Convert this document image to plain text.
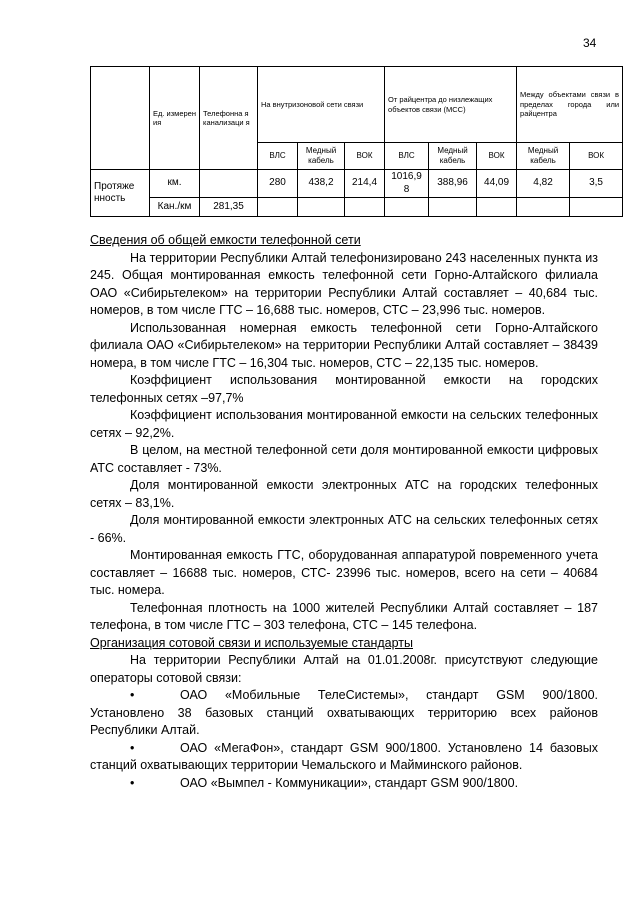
34
	Ед. измерен ия	Телефонна я канализаци я	На внутризоновой сети связи			От райцентра до низлежащих объектов связи (МСС)			Между объектами связи в пределах города или райцентра	
			ВЛС	Медный кабель	ВОК	ВЛС	Медный кабель	ВОК	Медный кабель	ВОК
Протяже нность	км.		280	438,2	214,4	1016,9 8	388,96	44,09	4,82	3,5
	Кан./км	281,35								

Сведения об общей емкости телефонной сети

На территории Республики Алтай телефонизировано 243 населенных пункта из 245. Общая монтированная емкость телефонной сети Горно-Алтайского филиала ОАО «Сибирьтелеком» на территории Республики Алтай составляет – 40,684 тыс. номеров, в том числе ГТС – 16,688 тыс. номеров, СТС – 23,996 тыс. номеров.

Использованная номерная емкость телефонной сети Горно-Алтайского филиала ОАО «Сибирьтелеком» на территории Республики Алтай составляет – 38439 номера, в том числе ГТС – 16,304 тыс. номеров, СТС – 22,135 тыс. номеров.

Коэффициент использования монтированной емкости на городских телефонных сетях –97,7%

Коэффициент использования монтированной емкости на сельских телефонных сетях – 92,2%.

В целом, на местной телефонной сети доля монтированной емкости цифровых АТС составляет - 73%.

Доля монтированной емкости электронных АТС на городских телефонных сетях – 83,1%.

Доля монтированной емкости электронных АТС на сельских телефонных сетях - 66%.

Монтированная емкость ГТС, оборудованная аппаратурой повременного учета составляет – 16688 тыс. номеров, СТС- 23996 тыс. номеров, всего на сети – 40684 тыс. номера.

Телефонная плотность на 1000 жителей Республики Алтай составляет – 187 телефона, в том числе ГТС – 303 телефона, СТС – 145 телефона.

Организация сотовой связи и используемые стандарты

На территории Республики Алтай на 01.01.2008г. присутствуют следующие операторы сотовой связи:

•	ОАО «Мобильные ТелеСистемы», стандарт GSM 900/1800. Установлено 38 базовых станций охватывающих территорию всех районов Республики Алтай.

•	ОАО «МегаФон», стандарт GSM 900/1800. Установлено 14 базовых станций охватывающих территории Чемальского и Майминского районов.

•	ОАО «Вымпел - Коммуникации», стандарт GSM 900/1800.
